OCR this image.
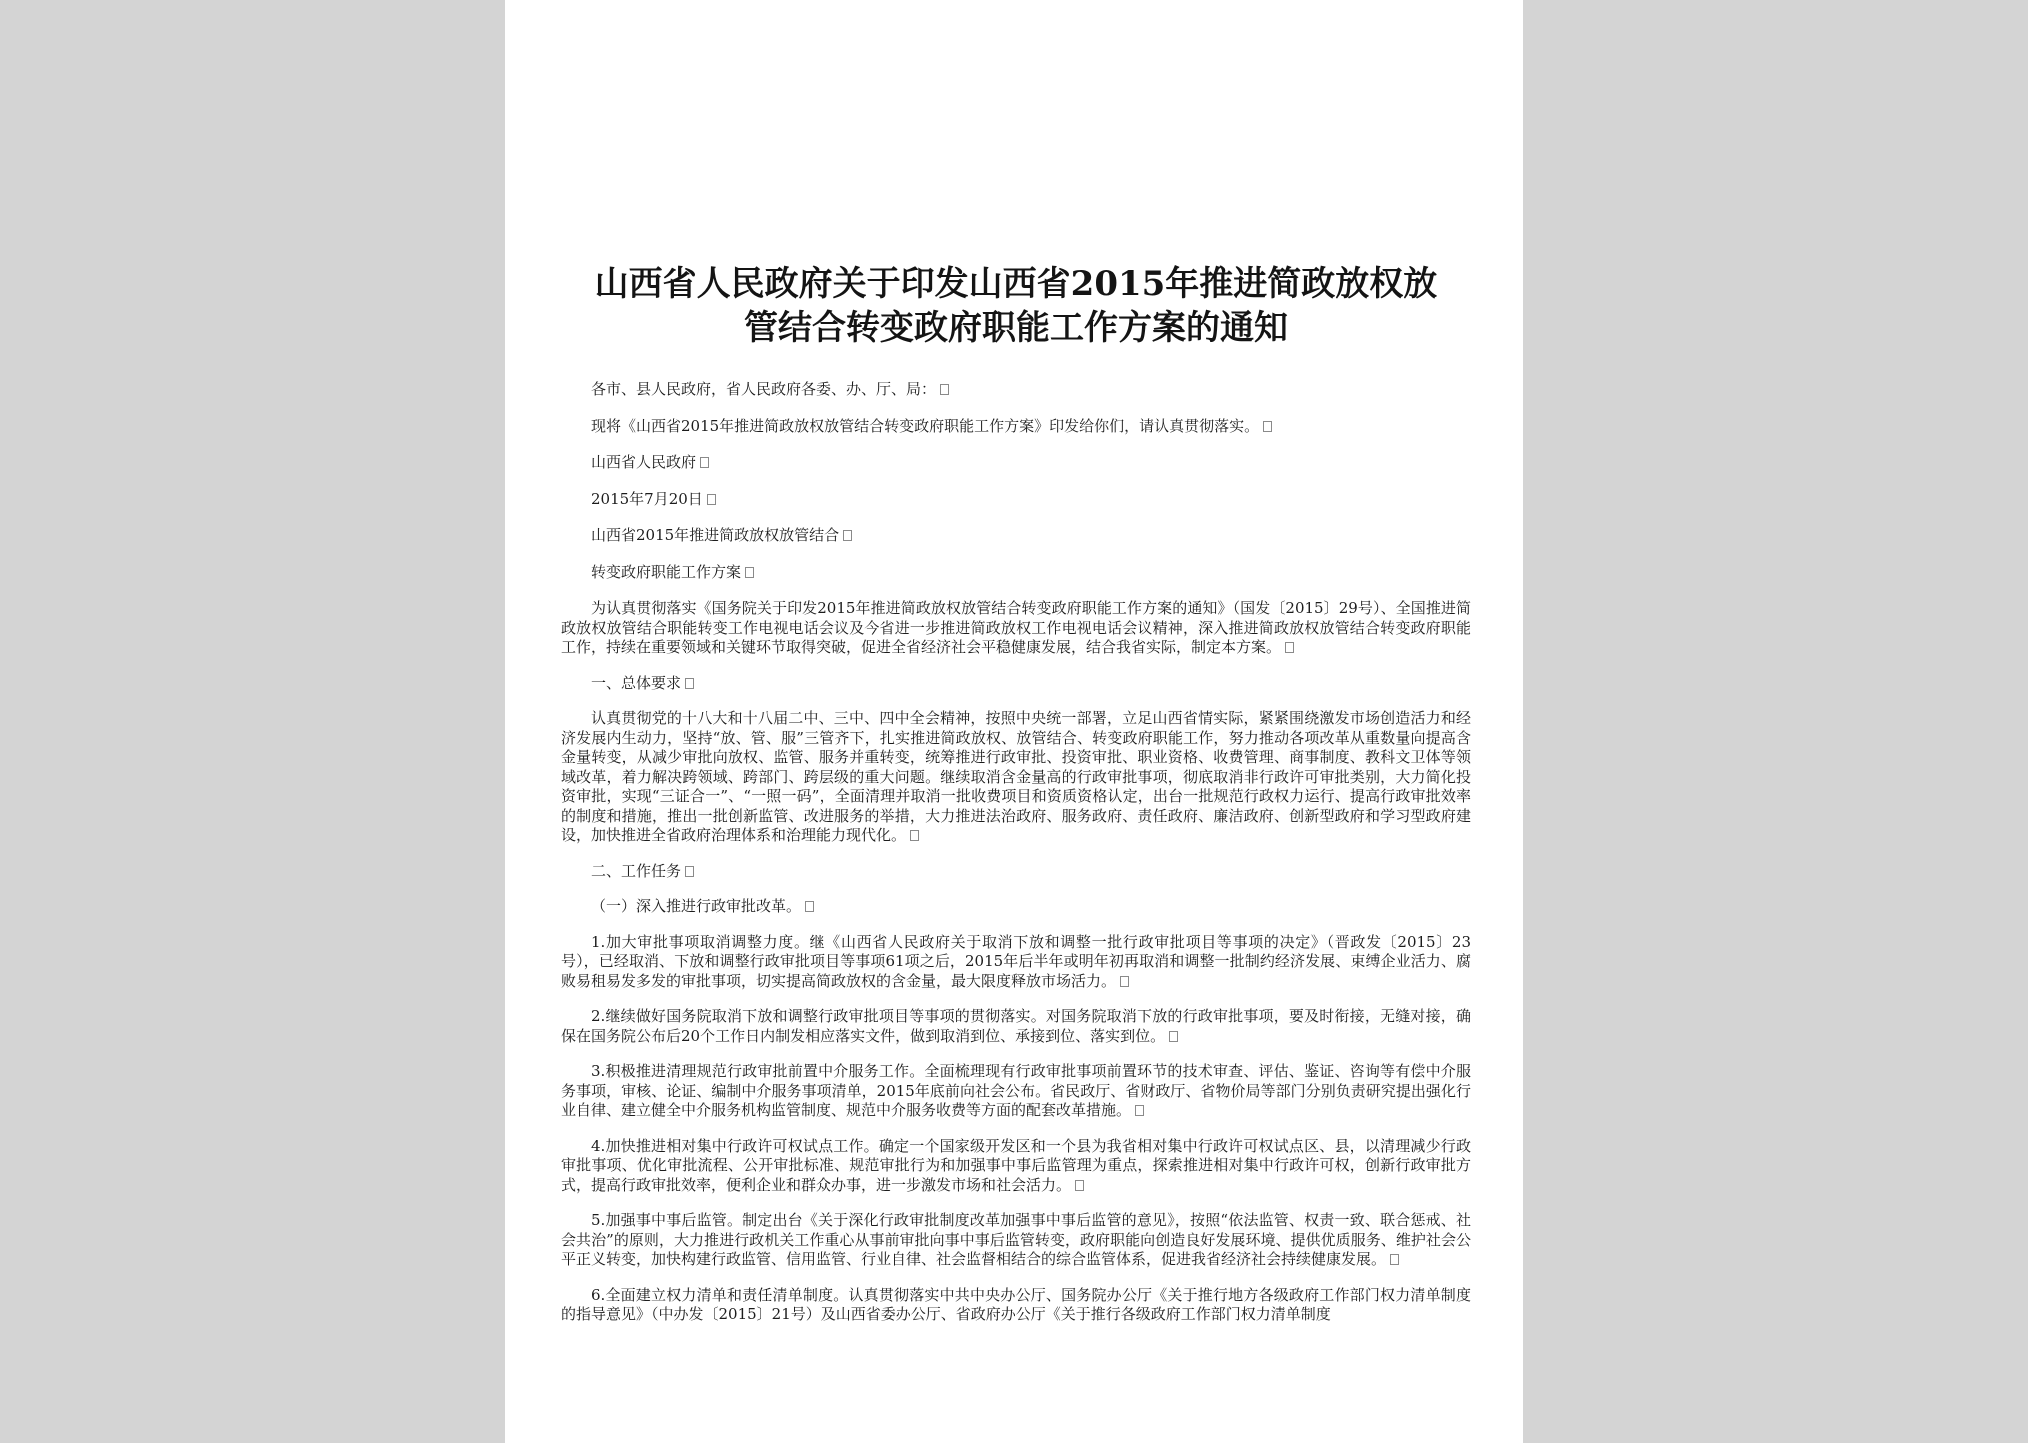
山西省人民政府关于印发山西省2015年推进简政放权放
管结合转变政府职能工作方案的通知
各市、县人民政府，省人民政府各委、办、厅、局：
现将《山西省2015年推进简政放权放管结合转变政府职能工作方案》印发给你们，请认真贯彻落实。
山西省人民政府
2015年7月20日
山西省2015年推进简政放权放管结合
转变政府职能工作方案
为认真贯彻落实《国务院关于印发2015年推进简政放权放管结合转变政府职能工作方案的通知》（国发〔2015〕29号）、全国推进简政放权放管结合职能转变工作电视电话会议及今省进一步推进简政放权工作电视电话会议精神，深入推进简政放权放管结合转变政府职能工作，持续在重要领域和关键环节取得突破，促进全省经济社会平稳健康发展，结合我省实际，制定本方案。
一、总体要求
认真贯彻党的十八大和十八届二中、三中、四中全会精神，按照中央统一部署，立足山西省情实际，紧紧围绕激发市场创造活力和经济发展内生动力，坚持“放、管、服”三管齐下，扎实推进简政放权、放管结合、转变政府职能工作，努力推动各项改革从重数量向提高含金量转变，从减少审批向放权、监管、服务并重转变，统筹推进行政审批、投资审批、职业资格、收费管理、商事制度、教科文卫体等领域改革，着力解决跨领域、跨部门、跨层级的重大问题。继续取消含金量高的行政审批事项，彻底取消非行政许可审批类别，大力简化投资审批，实现“三证合一”、“一照一码”，全面清理并取消一批收费项目和资质资格认定，出台一批规范行政权力运行、提高行政审批效率的制度和措施，推出一批创新监管、改进服务的举措，大力推进法治政府、服务政府、责任政府、廉洁政府、创新型政府和学习型政府建设，加快推进全省政府治理体系和治理能力现代化。
二、工作任务
（一）深入推进行政审批改革。
1.加大审批事项取消调整力度。继《山西省人民政府关于取消下放和调整一批行政审批项目等事项的决定》（晋政发〔2015〕23号），已经取消、下放和调整行政审批项目等事项61项之后，2015年后半年或明年初再取消和调整一批制约经济发展、束缚企业活力、腐败易租易发多发的审批事项，切实提高简政放权的含金量，最大限度释放市场活力。
2.继续做好国务院取消下放和调整行政审批项目等事项的贯彻落实。对国务院取消下放的行政审批事项，要及时衔接，无缝对接，确保在国务院公布后20个工作日内制发相应落实文件，做到取消到位、承接到位、落实到位。
3.积极推进清理规范行政审批前置中介服务工作。全面梳理现有行政审批事项前置环节的技术审查、评估、鉴证、咨询等有偿中介服务事项，审核、论证、编制中介服务事项清单，2015年底前向社会公布。省民政厅、省财政厅、省物价局等部门分别负责研究提出强化行业自律、建立健全中介服务机构监管制度、规范中介服务收费等方面的配套改革措施。
4.加快推进相对集中行政许可权试点工作。确定一个国家级开发区和一个县为我省相对集中行政许可权试点区、县，以清理减少行政审批事项、优化审批流程、公开审批标准、规范审批行为和加强事中事后监管理为重点，探索推进相对集中行政许可权，创新行政审批方式，提高行政审批效率，便利企业和群众办事，进一步激发市场和社会活力。
5.加强事中事后监管。制定出台《关于深化行政审批制度改革加强事中事后监管的意见》，按照“依法监管、权责一致、联合惩戒、社会共治”的原则，大力推进行政机关工作重心从事前审批向事中事后监管转变，政府职能向创造良好发展环境、提供优质服务、维护社会公平正义转变，加快构建行政监管、信用监管、行业自律、社会监督相结合的综合监管体系，促进我省经济社会持续健康发展。
6.全面建立权力清单和责任清单制度。认真贯彻落实中共中央办公厅、国务院办公厅《关于推行地方各级政府工作部门权力清单制度的指导意见》（中办发〔2015〕21号）及山西省委办公厅、省政府办公厅《关于推行各级政府工作部门权力清单制度
